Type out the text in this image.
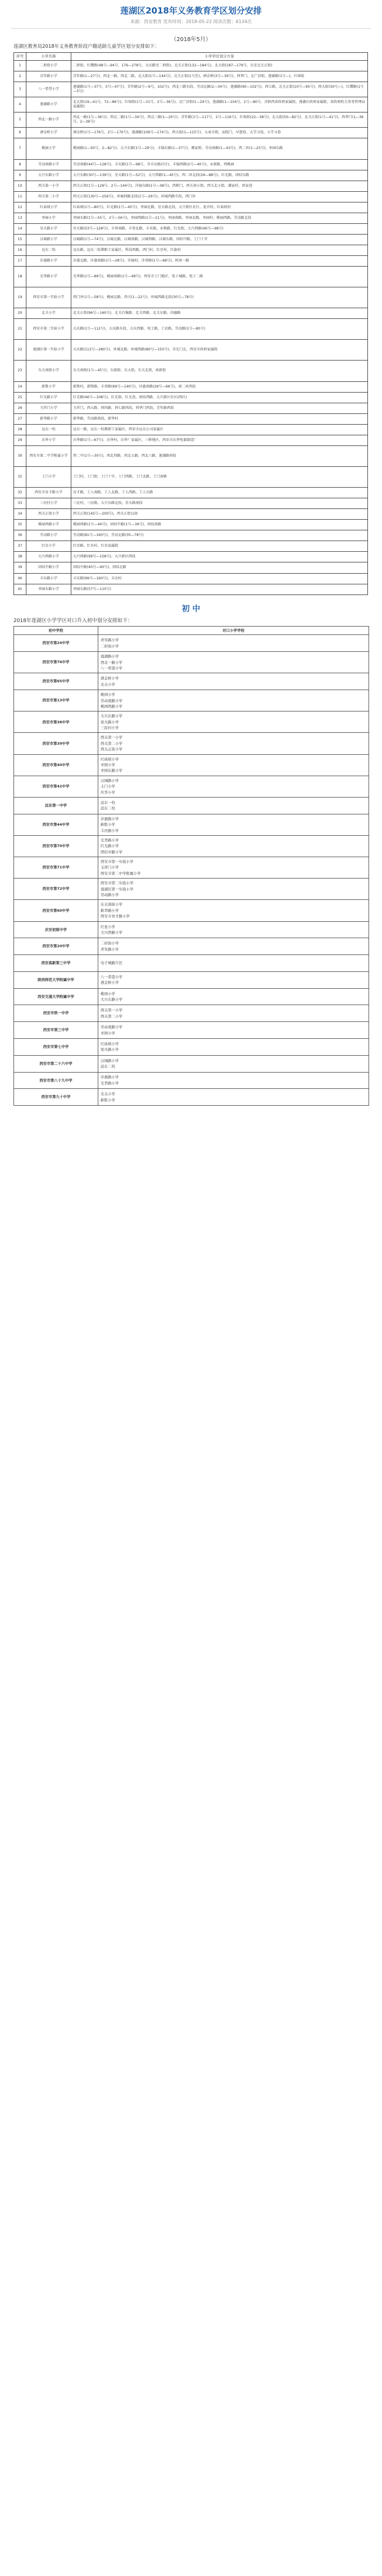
莲湖区2018年义务教育学区划分安排
来源：西安教育 发布时间：2018-05-22 阅读次数：6134次
（2018年5月）
莲湖区教育局2018年义务教育阶段户籍适龄儿童学区划分安排如下：
序号	小学名称	小学学区划分方案
1	二府街小学	二府街，红缨路(48号—94号、176—278号，大庆路至二府街)，北关正街(132—184号)，北大街(187—179号，东至北关正街)
2	青年路小学	青年路(1—27号)，西北一路，西北二路，北大街(1号—144号)，北关正街(1号至)，洒金桥(3号—39号)，西华门，北广济街，莲湖路(1号—)，红埠街
3	八一希望小学	莲湖路(1号—37号，5号—47号)，青年路(2号—9号，102号)，西北三路东段，劳动北路(2—34号)，莲湖路(90—102号)，西七路，北关正街(10号—95号)，西大街(30号—)，红缨路(1号—5号)
4	莲湖路小学	北大街(19—41号，72—86号)，红埠街(1号—31号，2号—36号)，北广济街(1—29号)，莲湖路(1—104号，2号—80号，含陕西省政府家属院、莲湖区政府家属院、省政府机关事务管理局家属院)
5	西北一路小学	西北一路(1号—36号)，西北二路(1号—34号)，西北三路(1—20号)，青年路(1号—117号，2号—116号)，红埠街(22—38号)，北大街(50—82号)，北关正街(1号—41号)，西华门(1—36号，2—36号)
6	洒金桥小学	洒金桥(1号—176号，2号—170号)，莲湖路(106号—174号)，西大街(1—115号)，大麦市街，贡院门，早慈巷，大学习巷，小学习巷
7	桃园小学	桃园路(1—93号，2—82号)，大兴东路(1号—29号)，丰镐东路(1—37号)，糜家桥，劳动南路(1—43号)，西二环(1—25号)，枣园东路
8	劳动南路小学	劳动南路(44号—128号)，丰庆路(1号—98号，含丰庆路社区)，丰镐西路(2号—40号)，永新路，西桃园
9	大兴东路小学	大兴东路(30号—139号)，星火路(1号—52号)，大兴西路(1—45号)，西二环北段(26—88号)，红光路，团结东路
10	西关第一小学	西关正街(1号—129号，2号—144号)，沣镐东路(1号—38号)，西梢门，西关南小街，西关北小街，潘家村，雷家巷
11	西关第二小学	西关正街(130号—256号)，环城西路北段(1号—29号)，环城西路中段，西门外
12	红庙坡小学	红庙坡(1号—80号)，红光路(1号—45号)，枣园北路，星火路北段，大兴新区社区，龙首村，红庙坡村
13	枣园小学	枣园东路(1号—55号，2号—56号)，枣园西路(1号—21号)，枣园南路，枣园北路，枣园村，桃园西路，劳动路北段
14	星火路小学	星火路(53号—128号)，丰登南路，丰登北路，丰禾路，永和路，红光街，大兴西路(46号—98号)
15	汉城路小学	汉城路(1号—74号)，汉城北路，汉城南路，汉城西路，汉城东路，团结中路，土门十字
16	远东二校	远东路，远东二校教职工家属区，科技西路，西门村，红星村，红旗村
17	沣惠路小学	沣惠北路，沣惠南路(1号—28号)，沣镐村，沣登路(1号—68号)，阿房一路
18	光华路小学	光华路(1号—89号)，桃园南路(1号—48号)，西安市土门地区，电子城路，电子二路
19	西安市第一实验小学	西门外(1号—58号)，桃园北路，西关(1—22号)，环城西路北段(30号—78号)
20	北关小学	北关正街(96号—160号)，北关自强路，北关西路，北关东路，尚德路
21	西安市第二实验小学	大庆路(1号—112号)，大庆路东段，大庆西路，电工路，工农路，劳动路(1号—80号)
22	莲湖区第一实验小学	大庆路(113号—280号)，环城北路，环城西路(80号—150号)，含光门北，西安市政府家属院
23	东关南街小学	东关南街(1号—45号)，东新街，东大街，东关北街，南新街
24	新胜小学	新胜村，新胜路，丰登路(69号—140号)，沣惠南路(29号—66号)，南二环西段
25	红光路小学	红光路(46号—108号)，红光街，红光巷，团结西路，大兴新区社区(西区)
26	玉祥门小学	玉祥门，西五路，西四路，西七路西段，西华门西段，青年路西段
27	新华路小学	新华路，劳动路南段，新华村
28	远东一校	远东一路，远东一校教职工家属区，西安市远东公司家属区
29	庆华小学	庆华路(1号—67号)，庆华村，庆华厂家属区，三桥地区，西安市庆华电器制造厂
30	西安市第二中学附属小学	西二中(1号—30号)，西北四路，西北五路，西北六路，莲湖路西段
31	土门小学	土门村，土门街，土门十字，土门西路，土门北路，土门南路
32	西安市育才路小学	育才路，工人南路，工人北路，工人西路，工人东路
33	三民村小学	三民村，三民路，大兴东路北段，星火路南段
34	西关正街小学	西关正街(145号—200号)，西关正街以南
35	桃园西路小学	桃园西路(1号—44号)，团结中路(1号—39号)，团结南路
36	劳动路小学	劳动路(81号—160号)，劳动北路(35—78号)
37	红星小学	红星路，红星村，红星家属院
38	大兴西路小学	大兴西路(99号—158号)，大兴新区西段
39	团结中路小学	团结中路(40号—90号)，团结北路
40	丰庆路小学	丰庆路(99号—160号)，丰庆村
41	枣园东路小学	枣园东路(57号—110号)
初 中
2018年莲湖区小学学区对口升入初中划分安排如下：
初中学校	对口小学学校
西安市第24中学	青年路小学
二府街小学

西安市第76中学	莲湖路小学
西北一路小学
八一希望小学

西安市第65中学	洒金桥小学
北关小学

西安市第13中学	桃园小学
劳动南路小学
桃园西路小学

西安市第38中学	大兴东路小学
星火路小学
三民村小学

西安市第39中学	西关第一小学
西关第二小学
西关正街小学

西安市第40中学	红庙坡小学
枣园小学
枣园东路小学

西安市第42中学	汉城路小学
土门小学
庆华小学

远东第一中学	远东一校
远东二校

西安市第44中学	沣惠路小学
新胜小学
丰庆路小学

西安市第70中学	光华路小学
红光路小学
团结中路小学

西安市第71中学	西安市第一实验小学
玉祥门小学
西安市第二中学附属小学

西安市第72中学	西安市第二实验小学
莲湖区第一实验小学
劳动路小学

西安市第60中学	东关南街小学
新华路小学
西安市育才路小学

庆安初级中学	红星小学
大兴西路小学

西安市第20中学	二府街小学
青年路小学

西安高新第三中学	电子城路片区

陕西师范大学附属中学	八一希望小学
洒金桥小学

西安交通大学附属中学	桃园小学
大兴东路小学

西安市铁一中学	西关第一小学
西关第二小学

西安市第三中学	劳动南路小学
枣园小学

西安市第七中学	红庙坡小学
星火路小学

西安市第二十六中学	汉城路小学
远东二校

西安市第八十九中学	沣惠路小学
光华路小学

西安市第九十中学	北关小学
新胜小学
